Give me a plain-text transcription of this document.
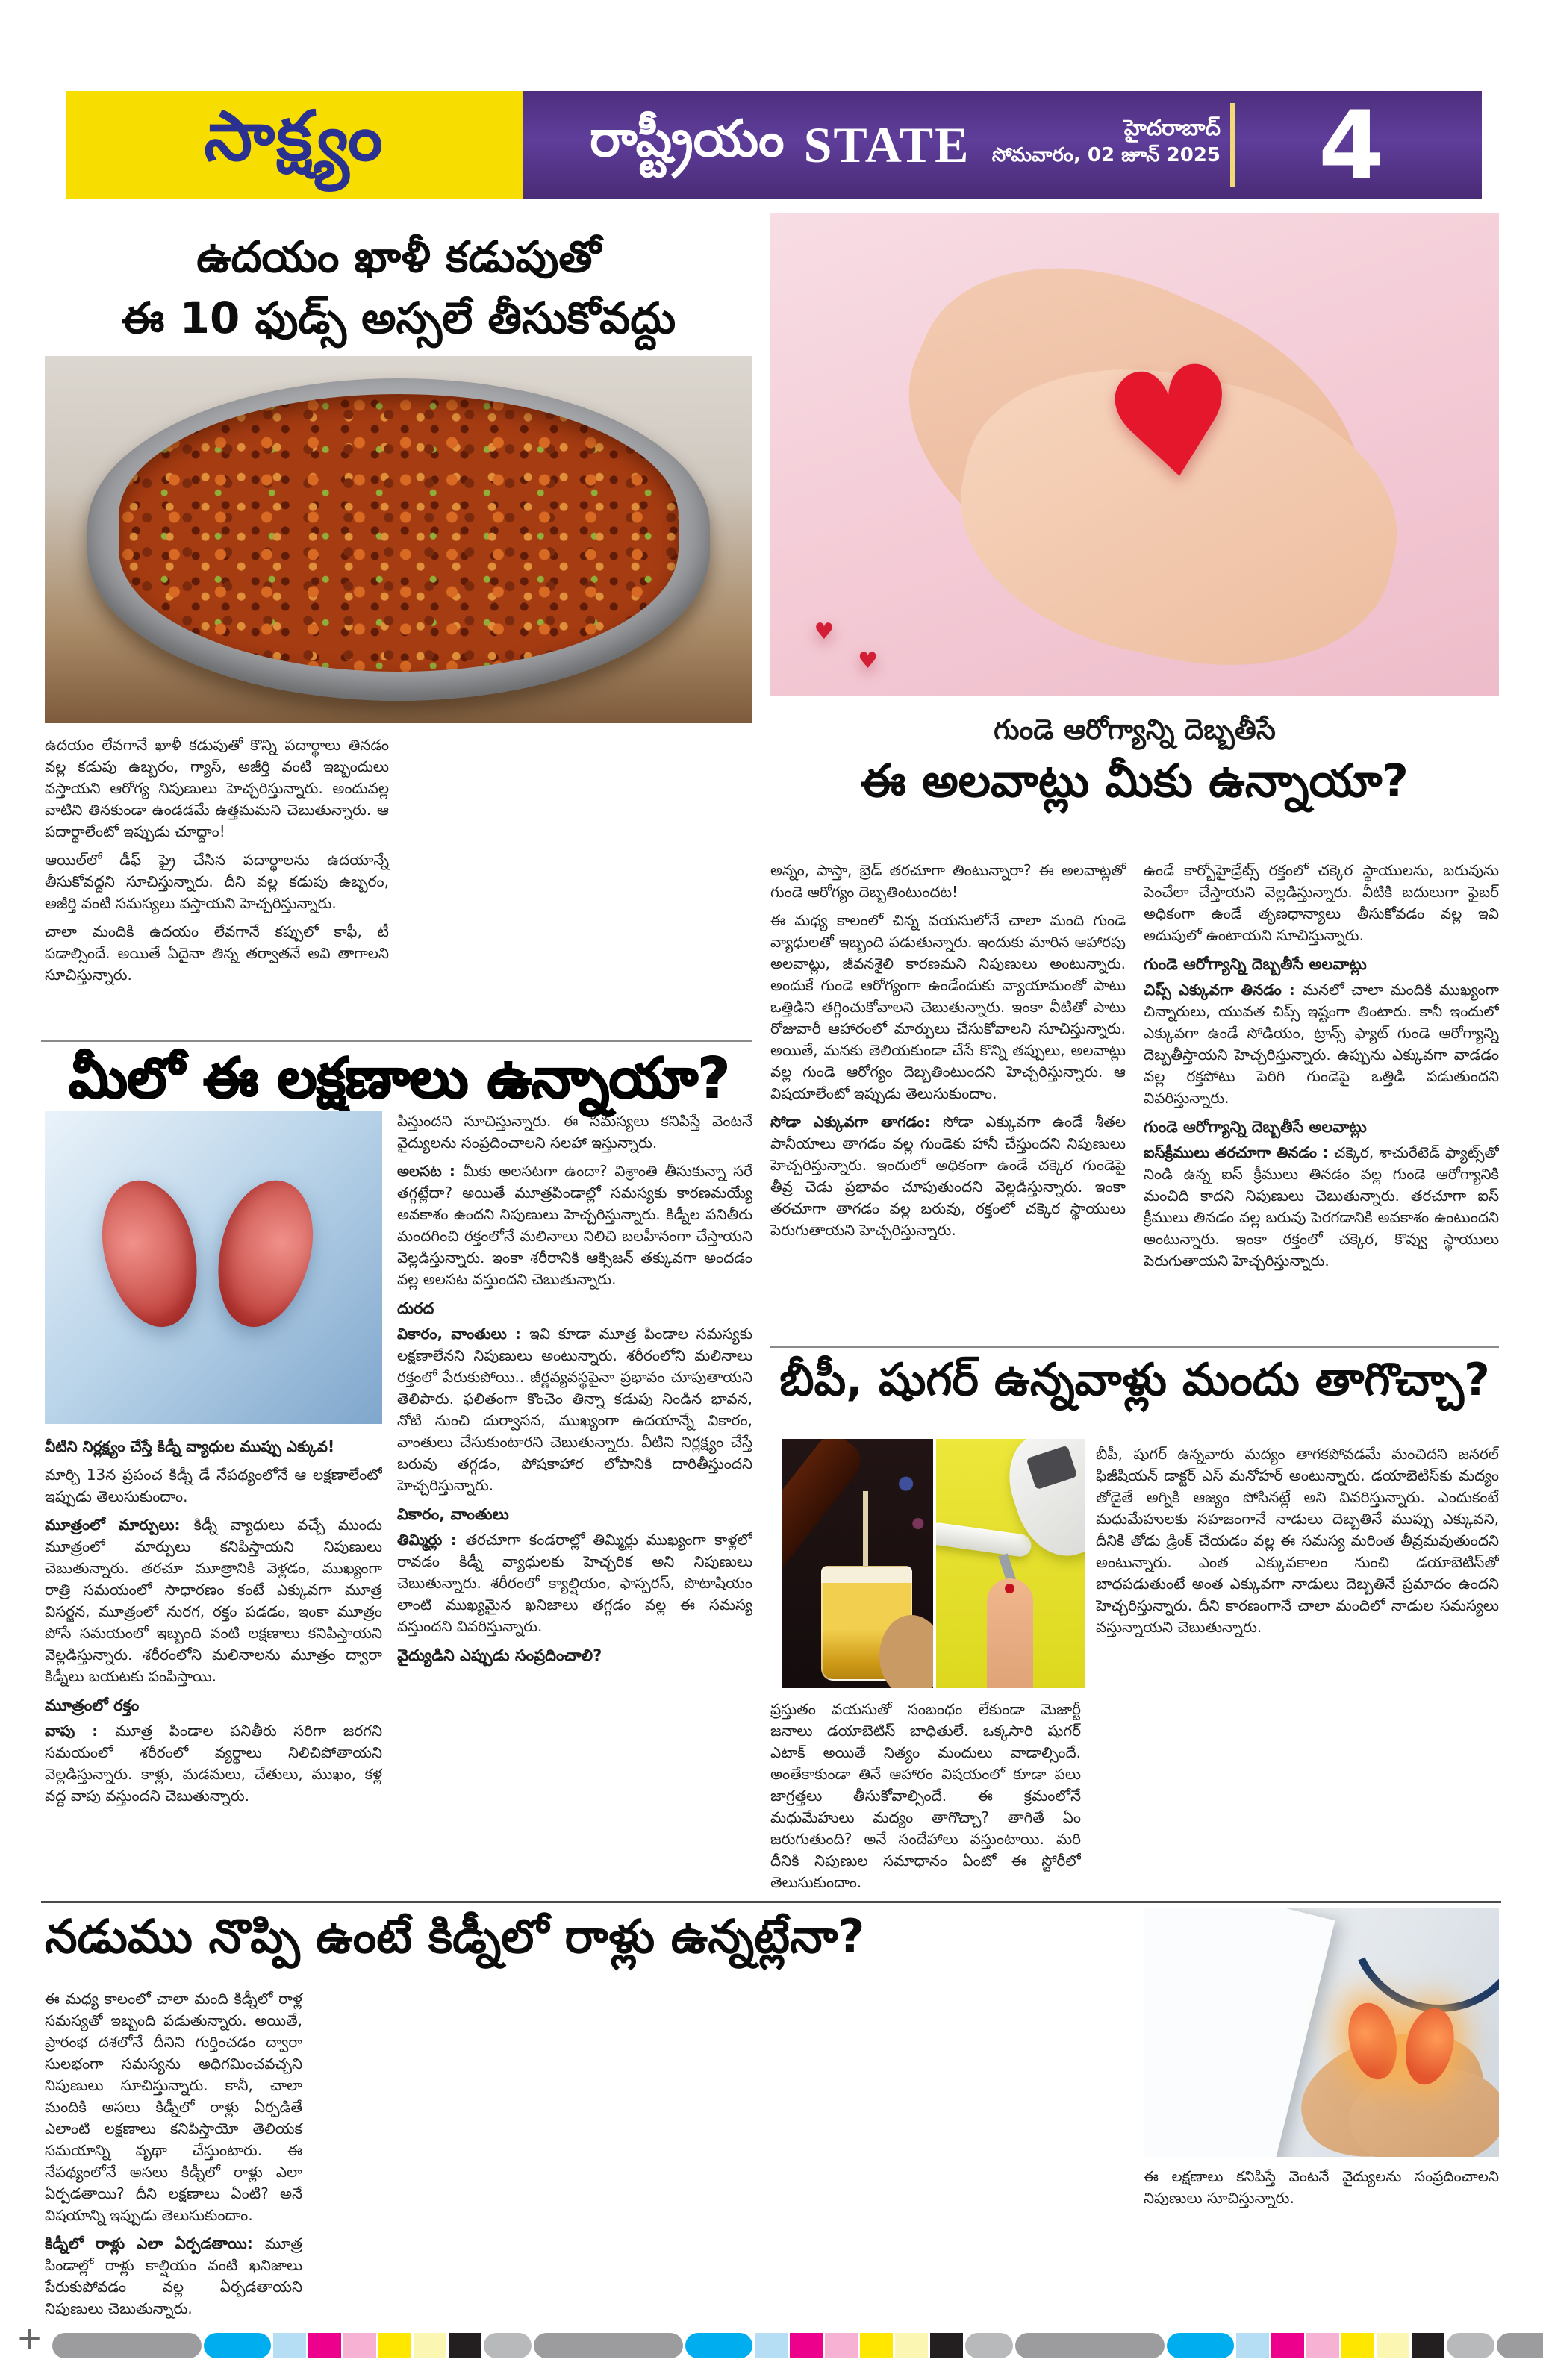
సాక్ష్యం	రాష్ట్రీయం STATE	హైదరాబాద్
సోమవారం, 02 జూన్ 2025	4
ఉదయం ఖాళీ కడుపుతో
ఈ 10 ఫుడ్స్ అస్సలే తీసుకోవద్దు

ఉదయం లేవగానే ఖాళీ కడుపుతో కొన్ని పదార్థాలు తినడం వల్ల కడుపు ఉబ్బరం, గ్యాస్, అజీర్తి వంటి ఇబ్బందులు వస్తాయని ఆరోగ్య నిపుణులు హెచ్చరిస్తున్నారు. అందువల్ల వాటిని తినకుండా ఉండడమే ఉత్తమమని చెబుతున్నారు. ఆ పదార్థాలేంటో ఇప్పుడు చూద్దాం!

ఆయిల్‌లో డీఫ్ ఫ్రై చేసిన పదార్థాలను ఉదయాన్నే తీసుకోవద్దని సూచిస్తున్నారు. దీని వల్ల కడుపు ఉబ్బరం, అజీర్తి వంటి సమస్యలు వస్తాయని హెచ్చరిస్తున్నారు.

చాలా మందికి ఉదయం లేవగానే కప్పులో కాఫీ, టీ పడాల్సిందే. అయితే ఏదైనా తిన్న తర్వాతనే అవి తాగాలని సూచిస్తున్నారు.

♥
♥
♥
గుండె ఆరోగ్యాన్ని దెబ్బతీసే
ఈ అలవాట్లు మీకు ఉన్నాయా?

అన్నం, పాస్తా, బ్రెడ్ తరచూగా తింటున్నారా? ఈ అలవాట్లతో గుండె ఆరోగ్యం దెబ్బతింటుందట!

ఈ మధ్య కాలంలో చిన్న వయసులోనే చాలా మంది గుండె వ్యాధులతో ఇబ్బంది పడుతున్నారు. ఇందుకు మారిన ఆహారపు అలవాట్లు, జీవనశైలి కారణమని నిపుణులు అంటున్నారు. అందుకే గుండె ఆరోగ్యంగా ఉండేందుకు వ్యాయామంతో పాటు ఒత్తిడిని తగ్గించుకోవాలని చెబుతున్నారు. ఇంకా వీటితో పాటు రోజువారీ ఆహారంలో మార్పులు చేసుకోవాలని సూచిస్తున్నారు. అయితే, మనకు తెలియకుండా చేసే కొన్ని తప్పులు, అలవాట్లు వల్ల గుండె ఆరోగ్యం దెబ్బతింటుందని హెచ్చరిస్తున్నారు. ఆ విషయాలేంటో ఇప్పుడు తెలుసుకుందాం.

సోడా ఎక్కువగా తాగడం: సోడా ఎక్కువగా ఉండే శీతల పానీయాలు తాగడం వల్ల గుండెకు హానీ చేస్తుందని నిపుణులు హెచ్చరిస్తున్నారు. ఇందులో అధికంగా ఉండే చక్కెర గుండెపై తీవ్ర చెడు ప్రభావం చూపుతుందని వెల్లడిస్తున్నారు. ఇంకా తరచూగా తాగడం వల్ల బరువు, రక్తంలో చక్కెర స్థాయులు పెరుగుతాయని హెచ్చరిస్తున్నారు.

ఉండే కార్బోహైడ్రేట్స్ రక్తంలో చక్కెర స్థాయులను, బరువును పెంచేలా చేస్తాయని వెల్లడిస్తున్నారు. వీటికి బదులుగా ఫైబర్ అధికంగా ఉండే తృణధాన్యాలు తీసుకోవడం వల్ల ఇవి అదుపులో ఉంటాయని సూచిస్తున్నారు.

గుండె ఆరోగ్యాన్ని దెబ్బతీసే అలవాట్లు

చిప్స్ ఎక్కువగా తినడం : మనలో చాలా మందికి ముఖ్యంగా చిన్నారులు, యువత చిప్స్ ఇష్టంగా తింటారు. కానీ ఇందులో ఎక్కువగా ఉండే సోడియం, ట్రాన్స్ ఫ్యాట్ గుండె ఆరోగ్యాన్ని దెబ్బతీస్తాయని హెచ్చరిస్తున్నారు. ఉప్పును ఎక్కువగా వాడడం వల్ల రక్తపోటు పెరిగి గుండెపై ఒత్తిడి పడుతుందని వివరిస్తున్నారు.

గుండె ఆరోగ్యాన్ని దెబ్బతీసే అలవాట్లు

ఐస్‌క్రీములు తరచూగా తినడం : చక్కెర, శాచురేటెడ్ ఫ్యాట్స్‌తో నిండి ఉన్న ఐస్ క్రీములు తినడం వల్ల గుండె ఆరోగ్యానికి మంచిది కాదని నిపుణులు చెబుతున్నారు. తరచూగా ఐస్ క్రీములు తినడం వల్ల బరువు పెరగడానికి అవకాశం ఉంటుందని అంటున్నారు. ఇంకా రక్తంలో చక్కెర, కొవ్వు స్థాయులు పెరుగుతాయని హెచ్చరిస్తున్నారు.

మీలో ఈ లక్షణాలు ఉన్నాయా?

పిస్తుందని సూచిస్తున్నారు. ఈ సమస్యలు కనిపిస్తే వెంటనే వైద్యులను సంప్రదించాలని సలహా ఇస్తున్నారు.

అలసట : మీకు అలసటగా ఉందా? విశ్రాంతి తీసుకున్నా సరే తగ్గట్లేదా? అయితే మూత్రపిండాల్లో సమస్యకు కారణమయ్యే అవకాశం ఉందని నిపుణులు హెచ్చరిస్తున్నారు. కిడ్నీల పనితీరు మందగించి రక్తంలోనే మలినాలు నిలిచి బలహీనంగా చేస్తాయని వెల్లడిస్తున్నారు. ఇంకా శరీరానికి ఆక్సిజన్ తక్కువగా అందడం వల్ల అలసట వస్తుందని చెబుతున్నారు.

దురద

వికారం, వాంతులు : ఇవి కూడా మూత్ర పిండాల సమస్యకు లక్షణాలేనని నిపుణులు అంటున్నారు. శరీరంలోని మలినాలు రక్తంలో పేరుకుపోయి.. జీర్ణవ్యవస్థపైనా ప్రభావం చూపుతాయని తెలిపారు. ఫలితంగా కొంచెం తిన్నా కడుపు నిండిన భావన, నోటి నుంచి దుర్వాసన, ముఖ్యంగా ఉదయాన్నే వికారం, వాంతులు చేసుకుంటారని చెబుతున్నారు. వీటిని నిర్లక్ష్యం చేస్తే బరువు తగ్గడం, పోషకాహార లోపానికి దారితీస్తుందని హెచ్చరిస్తున్నారు.

వికారం, వాంతులు

తిమ్మిర్లు : తరచూగా కండరాల్లో తిమ్మిర్లు ముఖ్యంగా కాళ్లలో రావడం కిడ్నీ వ్యాధులకు హెచ్చరిక అని నిపుణులు చెబుతున్నారు. శరీరంలో క్యాల్షియం, ఫాస్పరస్, పొటాషియం లాంటి ముఖ్యమైన ఖనిజాలు తగ్గడం వల్ల ఈ సమస్య వస్తుందని వివరిస్తున్నారు.

వైద్యుడిని ఎప్పుడు సంప్రదించాలి?

వీటిని నిర్లక్ష్యం చేస్తే కిడ్నీ వ్యాధుల ముప్పు ఎక్కువ!

మార్చి 13న ప్రపంచ కిడ్నీ డే నేపథ్యంలోనే ఆ లక్షణాలేంటో ఇప్పుడు తెలుసుకుందాం.

మూత్రంలో మార్పులు: కిడ్నీ వ్యాధులు వచ్చే ముందు మూత్రంలో మార్పులు కనిపిస్తాయని నిపుణులు చెబుతున్నారు. తరచూ మూత్రానికి వెళ్లడం, ముఖ్యంగా రాత్రి సమయంలో సాధారణం కంటే ఎక్కువగా మూత్ర విసర్జన, మూత్రంలో నురగ, రక్తం పడడం, ఇంకా మూత్రం పోసే సమయంలో ఇబ్బంది వంటి లక్షణాలు కనిపిస్తాయని వెల్లడిస్తున్నారు. శరీరంలోని మలినాలను మూత్రం ద్వారా కిడ్నీలు బయటకు పంపిస్తాయి.

మూత్రంలో రక్తం

వాపు : మూత్ర పిండాల పనితీరు సరిగా జరగని సమయంలో శరీరంలో వ్యర్థాలు నిలిచిపోతాయని వెల్లడిస్తున్నారు. కాళ్లు, మడమలు, చేతులు, ముఖం, కళ్ల వద్ద వాపు వస్తుందని చెబుతున్నారు.

బీపీ, షుగర్ ఉన్నవాళ్లు మందు తాగొచ్చా?

బీపీ, షుగర్ ఉన్నవారు మద్యం తాగకపోవడమే మంచిదని జనరల్ ఫిజీషియన్ డాక్టర్ ఎస్ మనోహర్ అంటున్నారు. డయాబెటిస్‌కు మద్యం తోడైతే అగ్నికి ఆజ్యం పోసినట్లే అని వివరిస్తున్నారు. ఎందుకంటే మధుమేహులకు సహజంగానే నాడులు దెబ్బతినే ముప్పు ఎక్కువని, దీనికి తోడు డ్రింక్ చేయడం వల్ల ఈ సమస్య మరింత తీవ్రమవుతుందని అంటున్నారు. ఎంత ఎక్కువకాలం నుంచి డయాబెటిస్‌తో బాధపడుతుంటే అంత ఎక్కువగా నాడులు దెబ్బతినే ప్రమాదం ఉందని హెచ్చరిస్తున్నారు. దీని కారణంగానే చాలా మందిలో నాడుల సమస్యలు వస్తున్నాయని చెబుతున్నారు.

ప్రస్తుతం వయసుతో సంబంధం లేకుండా మెజార్టీ జనాలు డయాబెటిస్ బాధితులే. ఒక్కసారి షుగర్ ఎటాక్ అయితే నిత్యం మందులు వాడాల్సిందే. అంతేకాకుండా తినే ఆహారం విషయంలో కూడా పలు జాగ్రత్తలు తీసుకోవాల్సిందే. ఈ క్రమంలోనే మధుమేహులు మద్యం తాగొచ్చా? తాగితే ఏం జరుగుతుంది? అనే సందేహాలు వస్తుంటాయి. మరి దీనికి నిపుణుల సమాధానం ఏంటో ఈ స్టోరీలో తెలుసుకుందాం.

నడుము నొప్పి ఉంటే కిడ్నీలో రాళ్లు ఉన్నట్లేనా?

ఈ మధ్య కాలంలో చాలా మంది కిడ్నీలో రాళ్ల సమస్యతో ఇబ్బంది పడుతున్నారు. అయితే, ప్రారంభ దశలోనే దీనిని గుర్తించడం ద్వారా సులభంగా సమస్యను అధిగమించవచ్చని నిపుణులు సూచిస్తున్నారు. కానీ, చాలా మందికి అసలు కిడ్నీలో రాళ్లు ఏర్పడితే ఎలాంటి లక్షణాలు కనిపిస్తాయో తెలియక సమయాన్ని వృథా చేస్తుంటారు. ఈ నేపథ్యంలోనే అసలు కిడ్నీలో రాళ్లు ఎలా ఏర్పడతాయి? దీని లక్షణాలు ఏంటి? అనే విషయాన్ని ఇప్పుడు తెలుసుకుందాం.

కిడ్నీలో రాళ్లు ఎలా ఏర్పడతాయి: మూత్ర పిండాల్లో రాళ్లు కాల్షియం వంటి ఖనిజాలు పేరుకుపోవడం వల్ల ఏర్పడతాయని నిపుణులు చెబుతున్నారు.

ఈ లక్షణాలు కనిపిస్తే వెంటనే వైద్యులను సంప్రదించాలని నిపుణులు సూచిస్తున్నారు.

+
